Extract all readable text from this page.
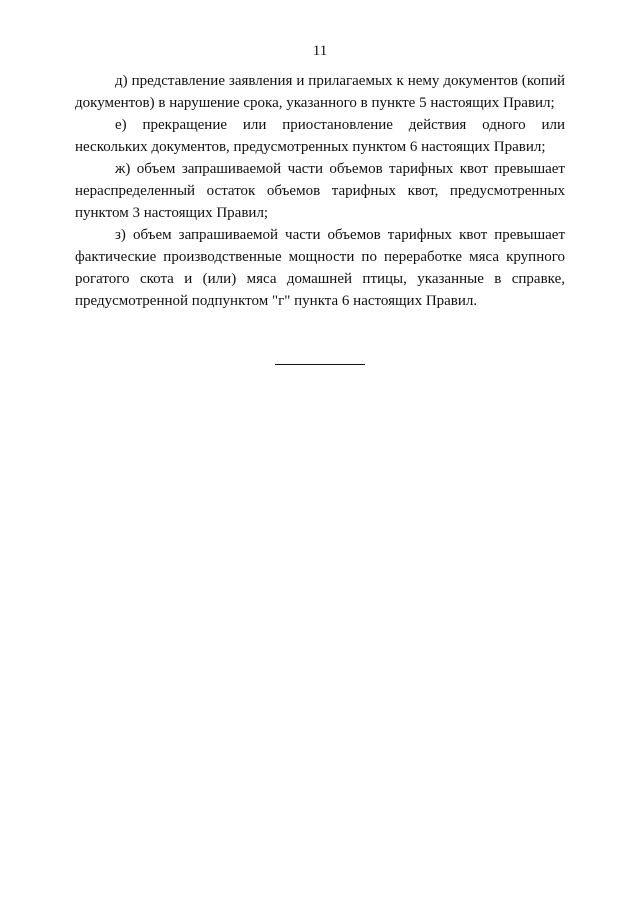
11

д) представление заявления и прилагаемых к нему документов (копий документов) в нарушение срока, указанного в пункте 5 настоящих Правил;

е) прекращение или приостановление действия одного или нескольких документов, предусмотренных пунктом 6 настоящих Правил;

ж) объем запрашиваемой части объемов тарифных квот превышает нераспределенный остаток объемов тарифных квот, предусмотренных пунктом 3 настоящих Правил;

з) объем запрашиваемой части объемов тарифных квот превышает фактические производственные мощности по переработке мяса крупного рогатого скота и (или) мяса домашней птицы, указанные в справке, предусмотренной подпунктом "г" пункта 6 настоящих Правил.
